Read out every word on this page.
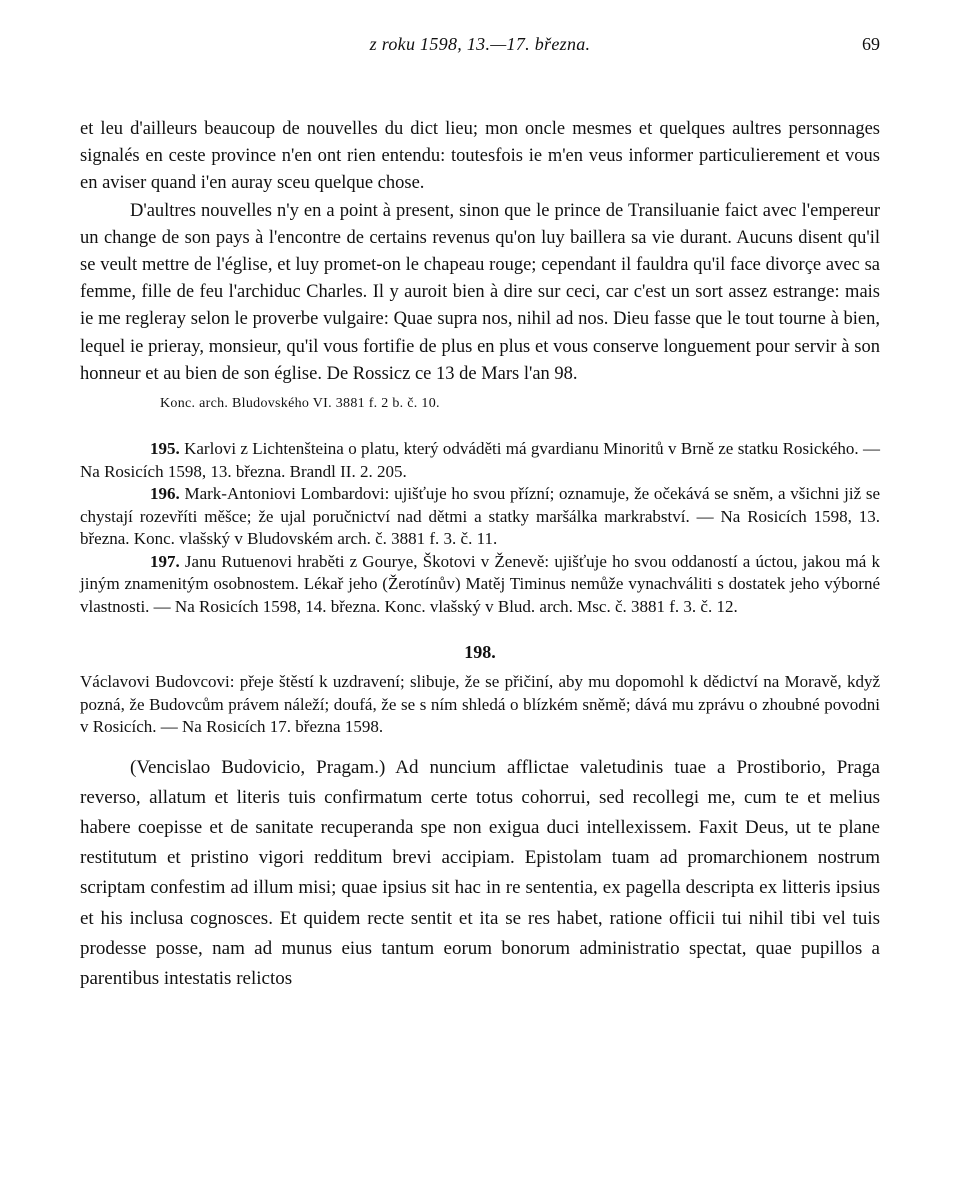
z roku 1598, 13.—17. března.	69

et leu d'ailleurs beaucoup de nouvelles du dict lieu; mon oncle mesmes et quelques aultres personnages signalés en ceste province n'en ont rien entendu: toutesfois ie m'en veus informer particulierement et vous en aviser quand i'en auray sceu quelque chose.

D'aultres nouvelles n'y en a point à present, sinon que le prince de Transiluanie faict avec l'empereur un change de son pays à l'encontre de certains revenus qu'on luy baillera sa vie durant. Aucuns disent qu'il se veult mettre de l'église, et luy promet-on le chapeau rouge; cependant il fauldra qu'il face divorçe avec sa femme, fille de feu l'archiduc Charles. Il y auroit bien à dire sur ceci, car c'est un sort assez estrange: mais ie me regleray selon le proverbe vulgaire: Quae supra nos, nihil ad nos. Dieu fasse que le tout tourne à bien, lequel ie prieray, monsieur, qu'il vous fortifie de plus en plus et vous conserve longuement pour servir à son honneur et au bien de son église. De Rossicz ce 13 de Mars l'an 98.

Konc. arch. Bludovského VI. 3881 f. 2 b. č. 10.

195. Karlovi z Lichtenšteina o platu, který odváděti má gvardianu Minoritů v Brně ze statku Rosického. — Na Rosicích 1598, 13. března. Brandl II. 2. 205.

196. Mark-Antoniovi Lombardovi: ujišťuje ho svou přízní; oznamuje, že očekává se sněm, a všichni již se chystají rozevříti měšce; že ujal poručnictví nad dětmi a statky maršálka markrabství. — Na Rosicích 1598, 13. března. Konc. vlašský v Bludovském arch. č. 3881 f. 3. č. 11.

197. Janu Rutuenovi hraběti z Gourye, Škotovi v Ženevě: ujišťuje ho svou oddaností a úctou, jakou má k jiným znamenitým osobnostem. Lékař jeho (Žerotínův) Matěj Timinus nemůže vynachváliti s dostatek jeho výborné vlastnosti. — Na Rosicích 1598, 14. března. Konc. vlašský v Blud. arch. Msc. č. 3881 f. 3. č. 12.

198.

Václavovi Budovcovi: přeje štěstí k uzdravení; slibuje, že se přičiní, aby mu dopomohl k dědictví na Moravě, když pozná, že Budovcům právem náleží; doufá, že se s ním shledá o blízkém sněmě; dává mu zprávu o zhoubné povodni v Rosicích. — Na Rosicích 17. března 1598.

(Vencislao Budovicio, Pragam.) Ad nuncium afflictae valetudinis tuae a Prostiborio, Praga reverso, allatum et literis tuis confirmatum certe totus cohorrui, sed recollegi me, cum te et melius habere coepisse et de sanitate recuperanda spe non exigua duci intellexissem. Faxit Deus, ut te plane restitutum et pristino vigori redditum brevi accipiam. Epistolam tuam ad promarchionem nostrum scriptam confestim ad illum misi; quae ipsius sit hac in re sententia, ex pagella descripta ex litteris ipsius et his inclusa cognosces. Et quidem recte sentit et ita se res habet, ratione officii tui nihil tibi vel tuis prodesse posse, nam ad munus eius tantum eorum bonorum administratio spectat, quae pupillos a parentibus intestatis relictos
